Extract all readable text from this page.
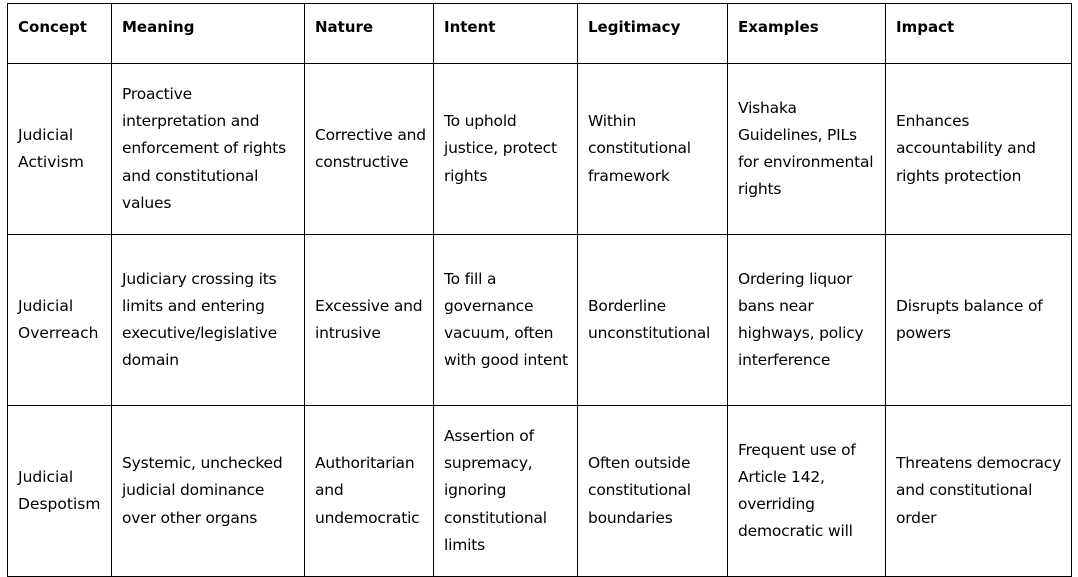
Concept	Meaning	Nature	Intent	Legitimacy	Examples	Impact
Judicial Activism	Proactive interpretation and enforcement of rights and constitutional values	Corrective and constructive	To uphold justice, protect rights	Within constitutional framework	Vishaka Guidelines, PILs for environmental rights	Enhances accountability and rights protection
Judicial Overreach	Judiciary crossing its limits and entering executive/legislative domain	Excessive and intrusive	To fill a governance vacuum, often with good intent	Borderline unconstitutional	Ordering liquor bans near highways, policy interference	Disrupts balance of powers
Judicial Despotism	Systemic, unchecked judicial dominance over other organs	Authoritarian and undemocratic	Assertion of supremacy, ignoring constitutional limits	Often outside constitutional boundaries	Frequent use of Article 142, overriding democratic will	Threatens democracy and constitutional order
